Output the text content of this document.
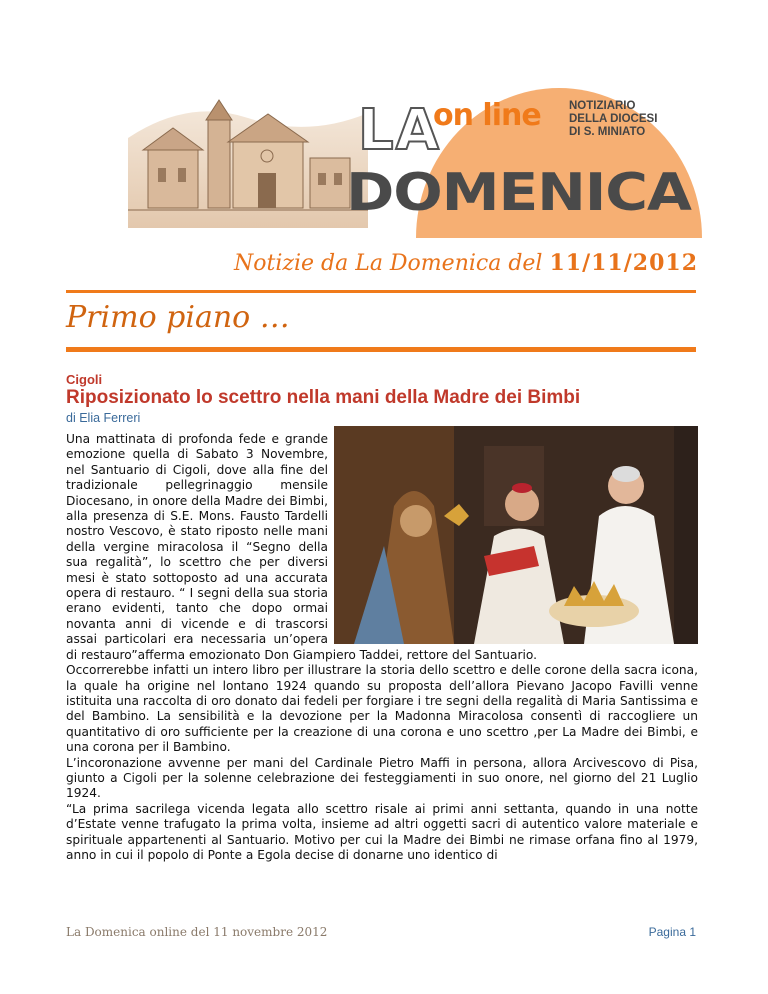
LA
on line NOTIZIARIO
DELLA DIOCESI
DI S. MINIATO
DOMENICA
Notizie da La Domenica del 11/11/2012
Primo piano …
Cigoli
Riposizionato lo scettro nella mani della Madre dei Bimbi
di Elia Ferreri

Una mattinata di profonda fede e grande emozione quella di Sabato 3 Novembre, nel Santuario di Cigoli, dove alla fine del tradizionale pellegrinaggio mensile Diocesano, in onore della Madre dei Bimbi, alla presenza di S.E. Mons. Fausto Tardelli nostro Vescovo, è stato riposto nelle mani della vergine miracolosa il “Segno della sua regalità”, lo scettro che per diversi mesi è stato sottoposto ad una accurata opera di restauro. “ I segni della sua storia erano evidenti, tanto che dopo ormai novanta anni di vicende e di trascorsi assai particolari era necessaria un’opera di restauro”afferma emozionato Don Giampiero Taddei, rettore del Santuario.

Occorrerebbe infatti un intero libro per illustrare la storia dello scettro e delle corone della sacra icona, la quale ha origine nel lontano 1924 quando su proposta dell’allora Pievano Jacopo Favilli venne istituita una raccolta di oro donato dai fedeli per forgiare i tre segni della regalità di Maria Santissima e del Bambino. La sensibilità e la devozione per la Madonna Miracolosa consentì di raccogliere un quantitativo di oro sufficiente per la creazione di una corona e uno scettro ,per La Madre dei Bimbi, e una corona per il Bambino.

L’incoronazione avvenne per mani del Cardinale Pietro Maffi in persona, allora Arcivescovo di Pisa, giunto a Cigoli per la solenne celebrazione dei festeggiamenti in suo onore, nel giorno del 21 Luglio 1924.

“La prima sacrilega vicenda legata allo scettro risale ai primi anni settanta, quando in una notte d’Estate venne trafugato la prima volta, insieme ad altri oggetti sacri di autentico valore materiale e spirituale appartenenti al Santuario. Motivo per cui la Madre dei Bimbi ne rimase orfana fino al 1979, anno in cui il popolo di Ponte a Egola decise di donarne uno identico di

La Domenica online del 11 novembre 2012	Pagina 1
